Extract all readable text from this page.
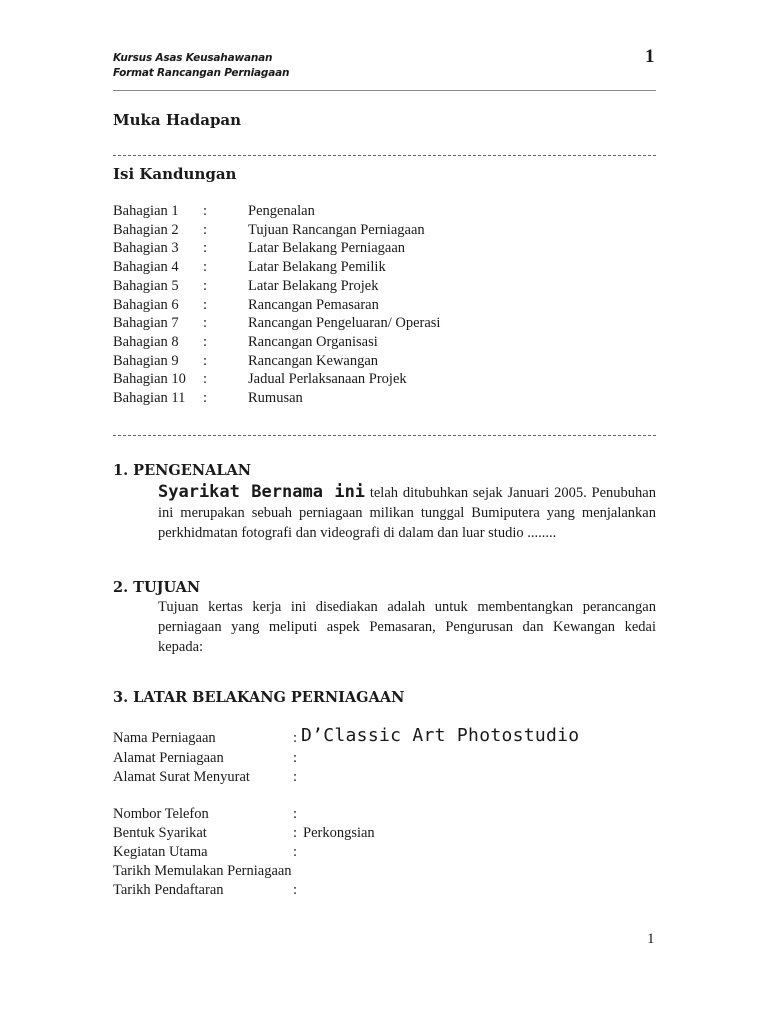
Kursus Asas Keusahawanan
Format Rancangan Perniagaan
1
Muka Hadapan
Isi Kandungan
Bahagian 1 :	Pengenalan
Bahagian 2 :	Tujuan Rancangan Perniagaan
Bahagian 3 :	Latar Belakang Perniagaan
Bahagian 4 :	Latar Belakang Pemilik
Bahagian 5 :	Latar Belakang Projek
Bahagian 6 :	Rancangan Pemasaran
Bahagian 7 :	Rancangan Pengeluaran/ Operasi
Bahagian 8 :	Rancangan Organisasi
Bahagian 9 :	Rancangan Kewangan
Bahagian 10 :	Jadual Perlaksanaan Projek
Bahagian 11 :	Rumusan
1. PENGENALAN
Syarikat Bernama ini telah ditubuhkan sejak Januari 2005. Penubuhan ini merupakan sebuah perniagaan milikan tunggal Bumiputera yang menjalankan perkhidmatan fotografi dan videografi di dalam dan luar studio ........
2. TUJUAN
Tujuan kertas kerja ini disediakan adalah untuk membentangkan perancangan perniagaan yang meliputi aspek Pemasaran, Pengurusan dan Kewangan kedai kepada:
3. LATAR BELAKANG PERNIAGAAN
Nama Perniagaan	: D’Classic Art Photostudio
Alamat Perniagaan	:
Alamat Surat Menyurat	:
Nombor Telefon	:
Bentuk Syarikat	: Perkongsian
Kegiatan Utama	:
Tarikh Memulakan Perniagaan
Tarikh Pendaftaran	:
1
